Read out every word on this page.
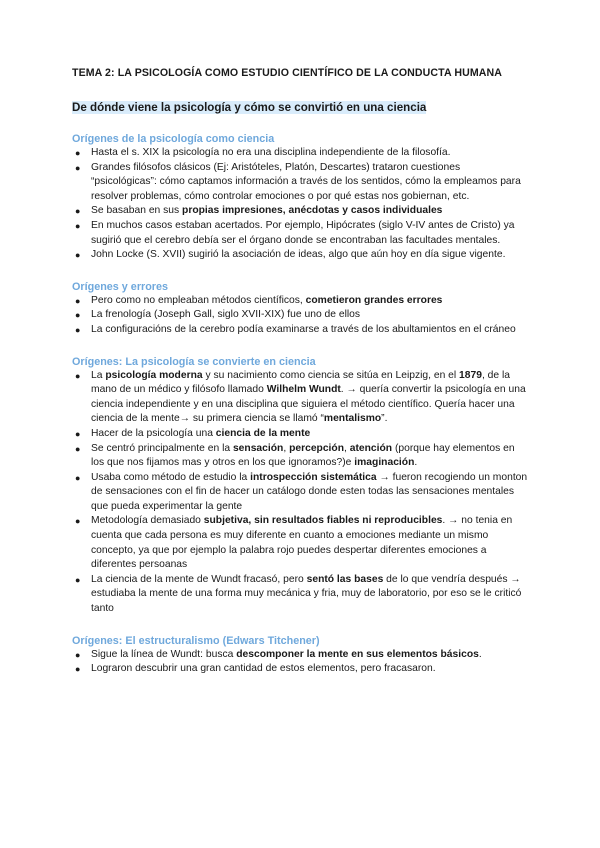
TEMA 2: LA PSICOLOGÍA COMO ESTUDIO CIENTÍFICO DE LA CONDUCTA HUMANA
De dónde viene la psicología y cómo se convirtió en una ciencia
Orígenes de la psicología como ciencia
● Hasta el s. XIX la psicología no era una disciplina independiente de la filosofía.
● Grandes filósofos clásicos (Ej: Aristóteles, Platón, Descartes) trataron cuestiones “psicológicas”: cómo captamos información a través de los sentidos, cómo la empleamos para resolver problemas, cómo controlar emociones o por qué estas nos gobiernan, etc.
● Se basaban en sus propias impresiones, anécdotas y casos individuales
● En muchos casos estaban acertados. Por ejemplo, Hipócrates (siglo V-IV antes de Cristo) ya sugirió que el cerebro debía ser el órgano donde se encontraban las facultades mentales.
● John Locke (S. XVII) sugirió la asociación de ideas, algo que aún hoy en día sigue vigente.
Orígenes y errores
● Pero como no empleaban métodos científicos, cometieron grandes errores
● La frenología (Joseph Gall, siglo XVII-XIX) fue uno de ellos
● La configuracións de la cerebro podía examinarse a través de los abultamientos en el cráneo
Orígenes: La psicología se convierte en ciencia
● La psicología moderna y su nacimiento como ciencia se sitúa en Leipzig, en el 1879, de la mano de un médico y filósofo llamado Wilhelm Wundt. → quería convertir la psicología en una ciencia independiente y en una disciplina que siguiera el método científico. Quería hacer una ciencia de la mente→ su primera ciencia se llamó “mentalismo”.
● Hacer de la psicología una ciencia de la mente
● Se centró principalmente en la sensación, percepción, atención (porque hay elementos en los que nos fijamos mas y otros en los que ignoramos?)e imaginación.
● Usaba como método de estudio la introspección sistemática → fueron recogiendo un monton de sensaciones con el fin de hacer un catálogo donde esten todas las sensaciones mentales que pueda experimentar la gente
● Metodología demasiado subjetiva, sin resultados fiables ni reproducibles. → no tenia en cuenta que cada persona es muy diferente en cuanto a emociones mediante un mismo concepto, ya que por ejemplo la palabra rojo puedes despertar diferentes emociones a diferentes persoanas
● La ciencia de la mente de Wundt fracasó, pero sentó las bases de lo que vendría después → estudiaba la mente de una forma muy mecánica y fria, muy de laboratorio, por eso se le criticó tanto
Orígenes: El estructuralismo (Edwars Titchener)
● Sigue la línea de Wundt: busca descomponer la mente en sus elementos básicos.
● Lograron descubrir una gran cantidad de estos elementos, pero fracasaron.
